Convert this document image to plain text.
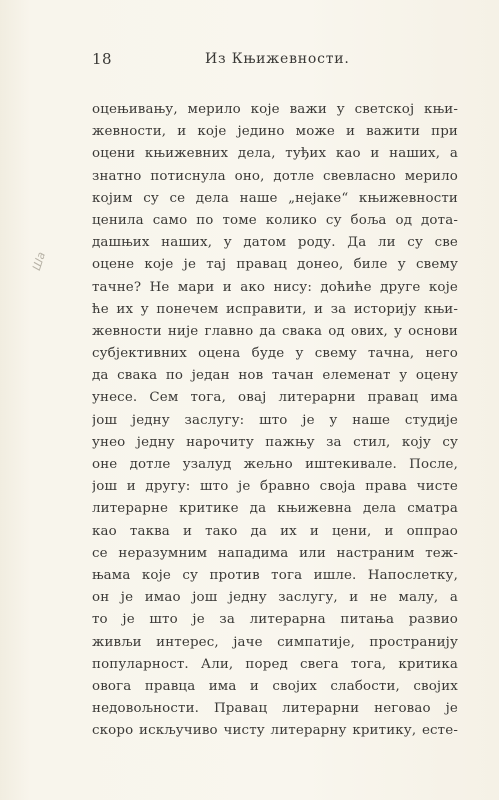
18	Из Књижевности.
Ша
оцењивању, мерило које важи у светској књи-
жевности, и које једино може и важити при
оцени књижевних дела, туђих као и наших, а
знатно потиснула оно, дотле свевласно мерило
којим су се дела наше „нејаке“ књижевности
ценила само по томе колико су боља од дота-
дашњих наших, у датом роду. Да ли су све
оцене које је тај правац донео, биле у свему
тачне? Не мари и ако нису: доћиће друге које
ће их у понечем исправити, и за историју књи-
жевности није главно да свака од ових, у основи
субјективних оцена буде у свему тачна, него
да свака по један нов тачан елеменат у оцену
унесе. Сем тога, овај литерарни правац има
још једну заслугу: што је у наше студије
унео једну нарочиту пажњу за стил, коју су
оне дотле узалуд жељно иштекивале. После,
још и другу: што је бравно своја права чисте
литерарне критике да књижевна дела сматра
као таква и тако да их и цени, и оппрао
се неразумним нападима или настраним теж-
њама које су против тога ишле. Напослетку,
он је имао још једну заслугу, и не малу, а
то је што је за литерарна питања развио
живљи интерес, јаче симпатије, пространију
популарност. Али, поред свега тога, критика
овога правца има и својих слабости, својих
недовољности. Правац литерарни неговао је
скоро искључиво чисту литерарну критику, есте-
